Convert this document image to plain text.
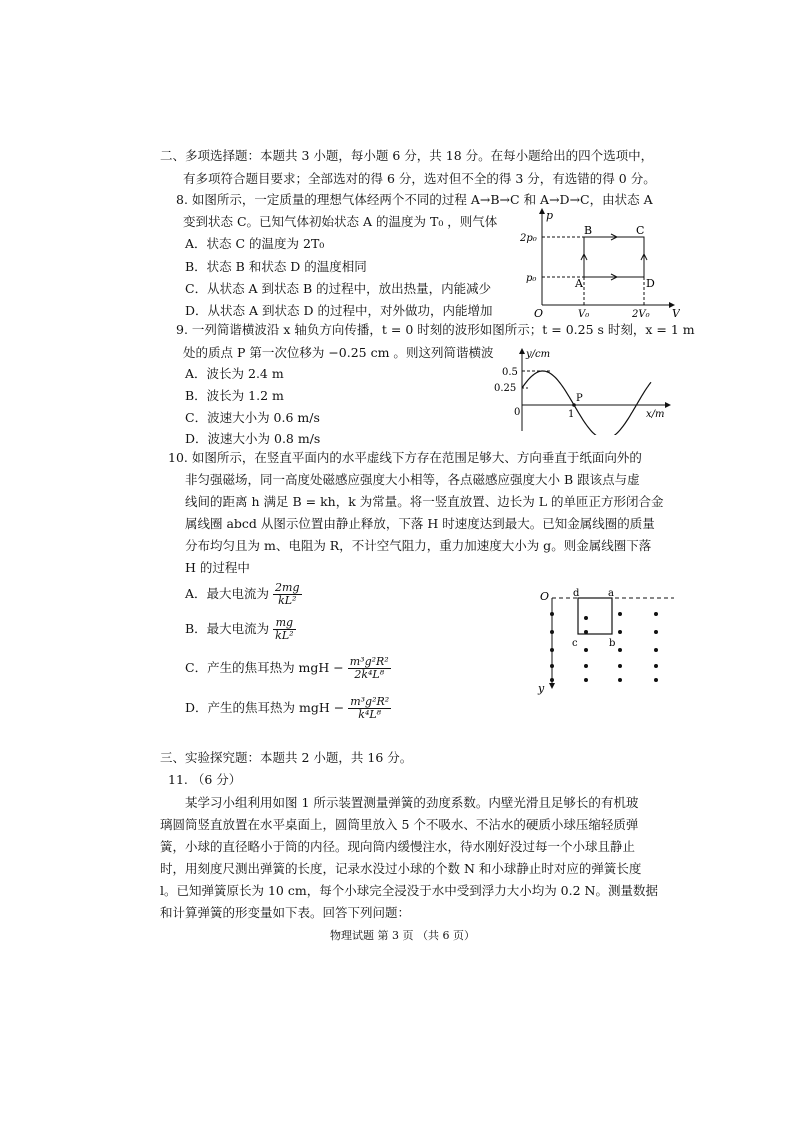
二、多项选择题：本题共 3 小题，每小题 6 分，共 18 分。在每小题给出的四个选项中，
有多项符合题目要求；全部选对的得 6 分，选对但不全的得 3 分，有选错的得 0 分。
8. 如图所示，一定质量的理想气体经两个不同的过程 A→B→C 和 A→D→C，由状态 A
变到状态 C。已知气体初始状态 A 的温度为 T₀ ，则气体
A．状态 C 的温度为 2T₀
B．状态 B 和状态 D 的温度相同
C．从状态 A 到状态 B 的过程中，放出热量，内能减少
D．从状态 A 到状态 D 的过程中，对外做功，内能增加
p
V
O
2p₀
p₀
V₀	2V₀
A
B	C
D
9. 一列简谐横波沿 x 轴负方向传播，t = 0 时刻的波形如图所示；t = 0.25 s 时刻，x = 1 m
处的质点 P 第一次位移为 −0.25 cm 。则这列简谐横波
A．波长为 2.4 m
B．波长为 1.2 m
C．波速大小为 0.6 m/s
D．波速大小为 0.8 m/s
y/cm
x/m
0
0.5
0.25
1
P
10. 如图所示，在竖直平面内的水平虚线下方存在范围足够大、方向垂直于纸面向外的
非匀强磁场，同一高度处磁感应强度大小相等，各点磁感应强度大小 B 跟该点与虚
线间的距离 h 满足 B = kh，k 为常量。将一竖直放置、边长为 L 的单匝正方形闭合金
属线圈 abcd 从图示位置由静止释放，下落 H 时速度达到最大。已知金属线圈的质量
分布均匀且为 m、电阻为 R，不计空气阻力，重力加速度大小为 g。则金属线圈下落
H 的过程中
A．最大电流为 $\frac{2mg}{\text{kL²}}$
B．最大电流为 $\frac{mg}{\text{kL²}}$
C．产生的焦耳热为 mgH − $\frac{\text{m³g²R²}}{\text{2k⁴L⁸}}$
D．产生的焦耳热为 mgH − $\frac{\text{m³g²R²}}{\text{k⁴L⁸}}$
O
y
d	a
c	b
三、实验探究题：本题共 2 小题，共 16 分。
11. （6 分）
某学习小组利用如图 1 所示装置测量弹簧的劲度系数。内壁光滑且足够长的有机玻
璃圆筒竖直放置在水平桌面上，圆筒里放入 5 个不吸水、不沾水的硬质小球压缩轻质弹
簧，小球的直径略小于筒的内径。现向筒内缓慢注水，待水刚好没过每一个小球且静止
时，用刻度尺测出弹簧的长度，记录水没过小球的个数 N 和小球静止时对应的弹簧长度
l。已知弹簧原长为 10 cm，每个小球完全浸没于水中受到浮力大小均为 0.2 N。测量数据
和计算弹簧的形变量如下表。回答下列问题：
物理试题 第 3 页 （共 6 页）
